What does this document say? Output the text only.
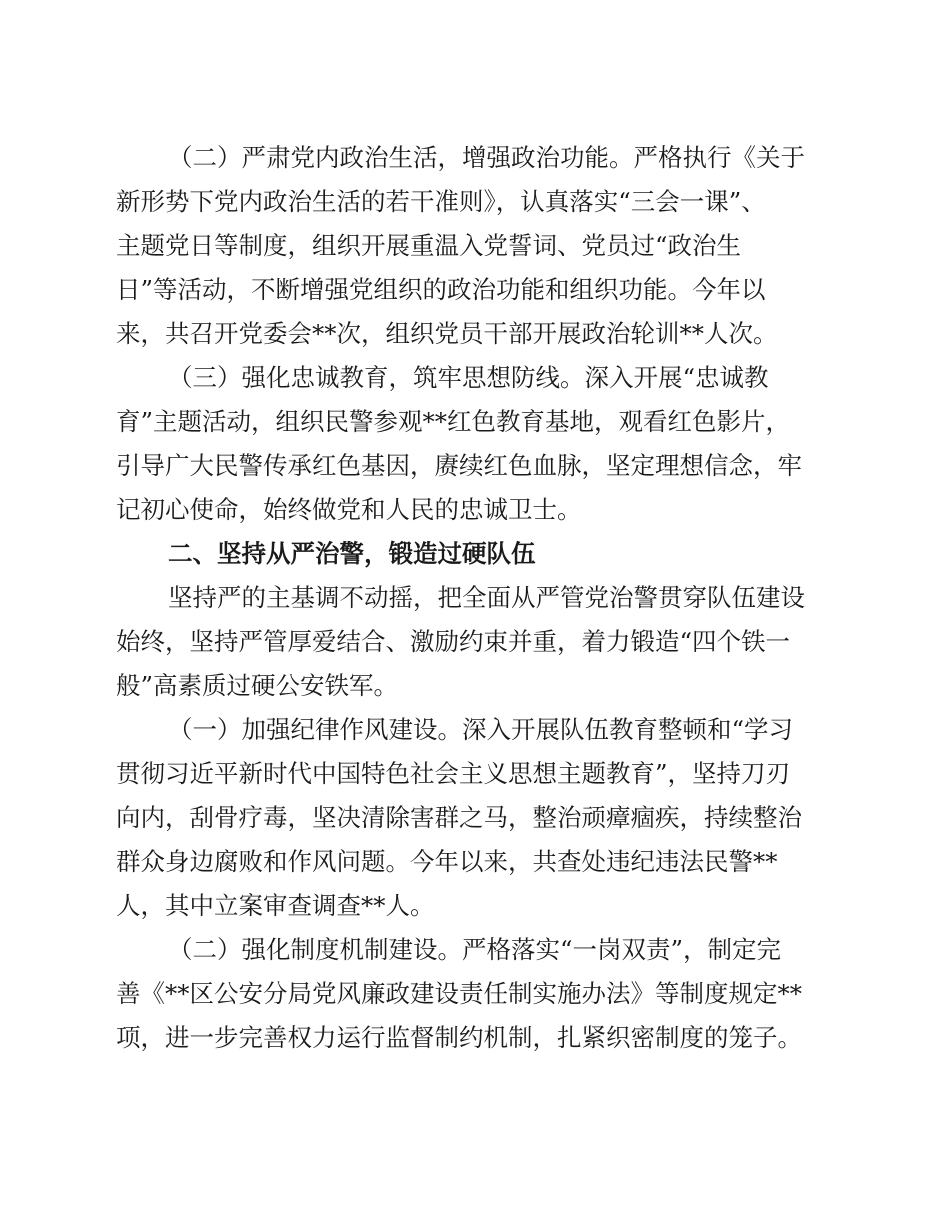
（二）严肃党内政治生活，增强政治功能。严格执行《关于
新形势下党内政治生活的若干准则》，认真落实“三会一课”、
主题党日等制度，组织开展重温入党誓词、党员过“政治生
日”等活动，不断增强党组织的政治功能和组织功能。今年以
来，共召开党委会**次，组织党员干部开展政治轮训**人次。
（三）强化忠诚教育，筑牢思想防线。深入开展“忠诚教
育”主题活动，组织民警参观**红色教育基地，观看红色影片，
引导广大民警传承红色基因，赓续红色血脉，坚定理想信念，牢
记初心使命，始终做党和人民的忠诚卫士。
二、坚持从严治警，锻造过硬队伍
坚持严的主基调不动摇，把全面从严管党治警贯穿队伍建设
始终，坚持严管厚爱结合、激励约束并重，着力锻造“四个铁一
般”高素质过硬公安铁军。
（一）加强纪律作风建设。深入开展队伍教育整顿和“学习
贯彻习近平新时代中国特色社会主义思想主题教育”，坚持刀刃
向内，刮骨疗毒，坚决清除害群之马，整治顽瘴痼疾，持续整治
群众身边腐败和作风问题。今年以来，共查处违纪违法民警**
人，其中立案审查调查**人。
（二）强化制度机制建设。严格落实“一岗双责”，制定完
善《**区公安分局党风廉政建设责任制实施办法》等制度规定**
项，进一步完善权力运行监督制约机制，扎紧织密制度的笼子。
